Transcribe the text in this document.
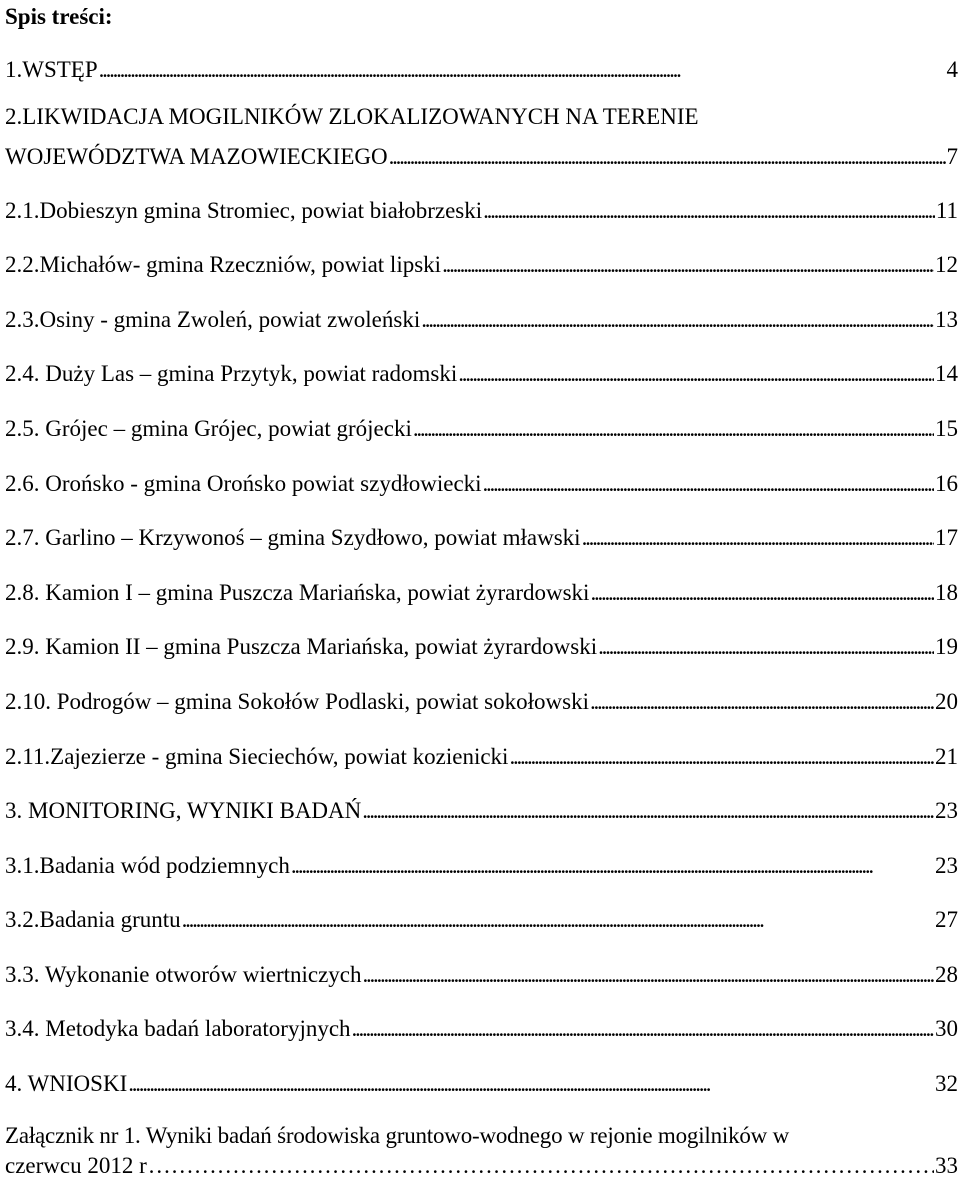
Spis treści:
1.WSTĘP . . .	4
2.LIKWIDACJA MOGILNIKÓW ZLOKALIZOWANYCH NA TERENIE
WOJEWÓDZTWA MAZOWIECKIEGO . . .	7
2.1.Dobieszyn gmina Stromiec, powiat białobrzeski . . .	11
2.2.Michałów- gmina Rzeczniów, powiat lipski . . .	12
2.3.Osiny - gmina Zwoleń, powiat zwoleński . . .	13
2.4. Duży Las – gmina Przytyk, powiat radomski . . .	14
2.5. Grójec – gmina Grójec, powiat grójecki . . .	15
2.6. Orońsko - gmina Orońsko powiat szydłowiecki . . .	16
2.7. Garlino – Krzywonoś – gmina Szydłowo, powiat mławski . . .	17
2.8. Kamion I – gmina Puszcza Mariańska, powiat żyrardowski . . .	18
2.9. Kamion II – gmina Puszcza Mariańska, powiat żyrardowski . . .	19
2.10. Podrogów – gmina Sokołów Podlaski, powiat sokołowski . . .	20
2.11.Zajezierze - gmina Sieciechów, powiat kozienicki . . .	21
3. MONITORING, WYNIKI BADAŃ . . .	23
3.1.Badania wód podziemnych . . .	23
3.2.Badania gruntu . . .	27
3.3. Wykonanie otworów wiertniczych . . .	28
3.4. Metodyka badań laboratoryjnych . . .	30
4. WNIOSKI . . .	32
Załącznik nr 1. Wyniki badań środowiska gruntowo-wodnego w rejonie mogilników w
czerwcu 2012 r ……………………………………………………………………………………………………………	33
